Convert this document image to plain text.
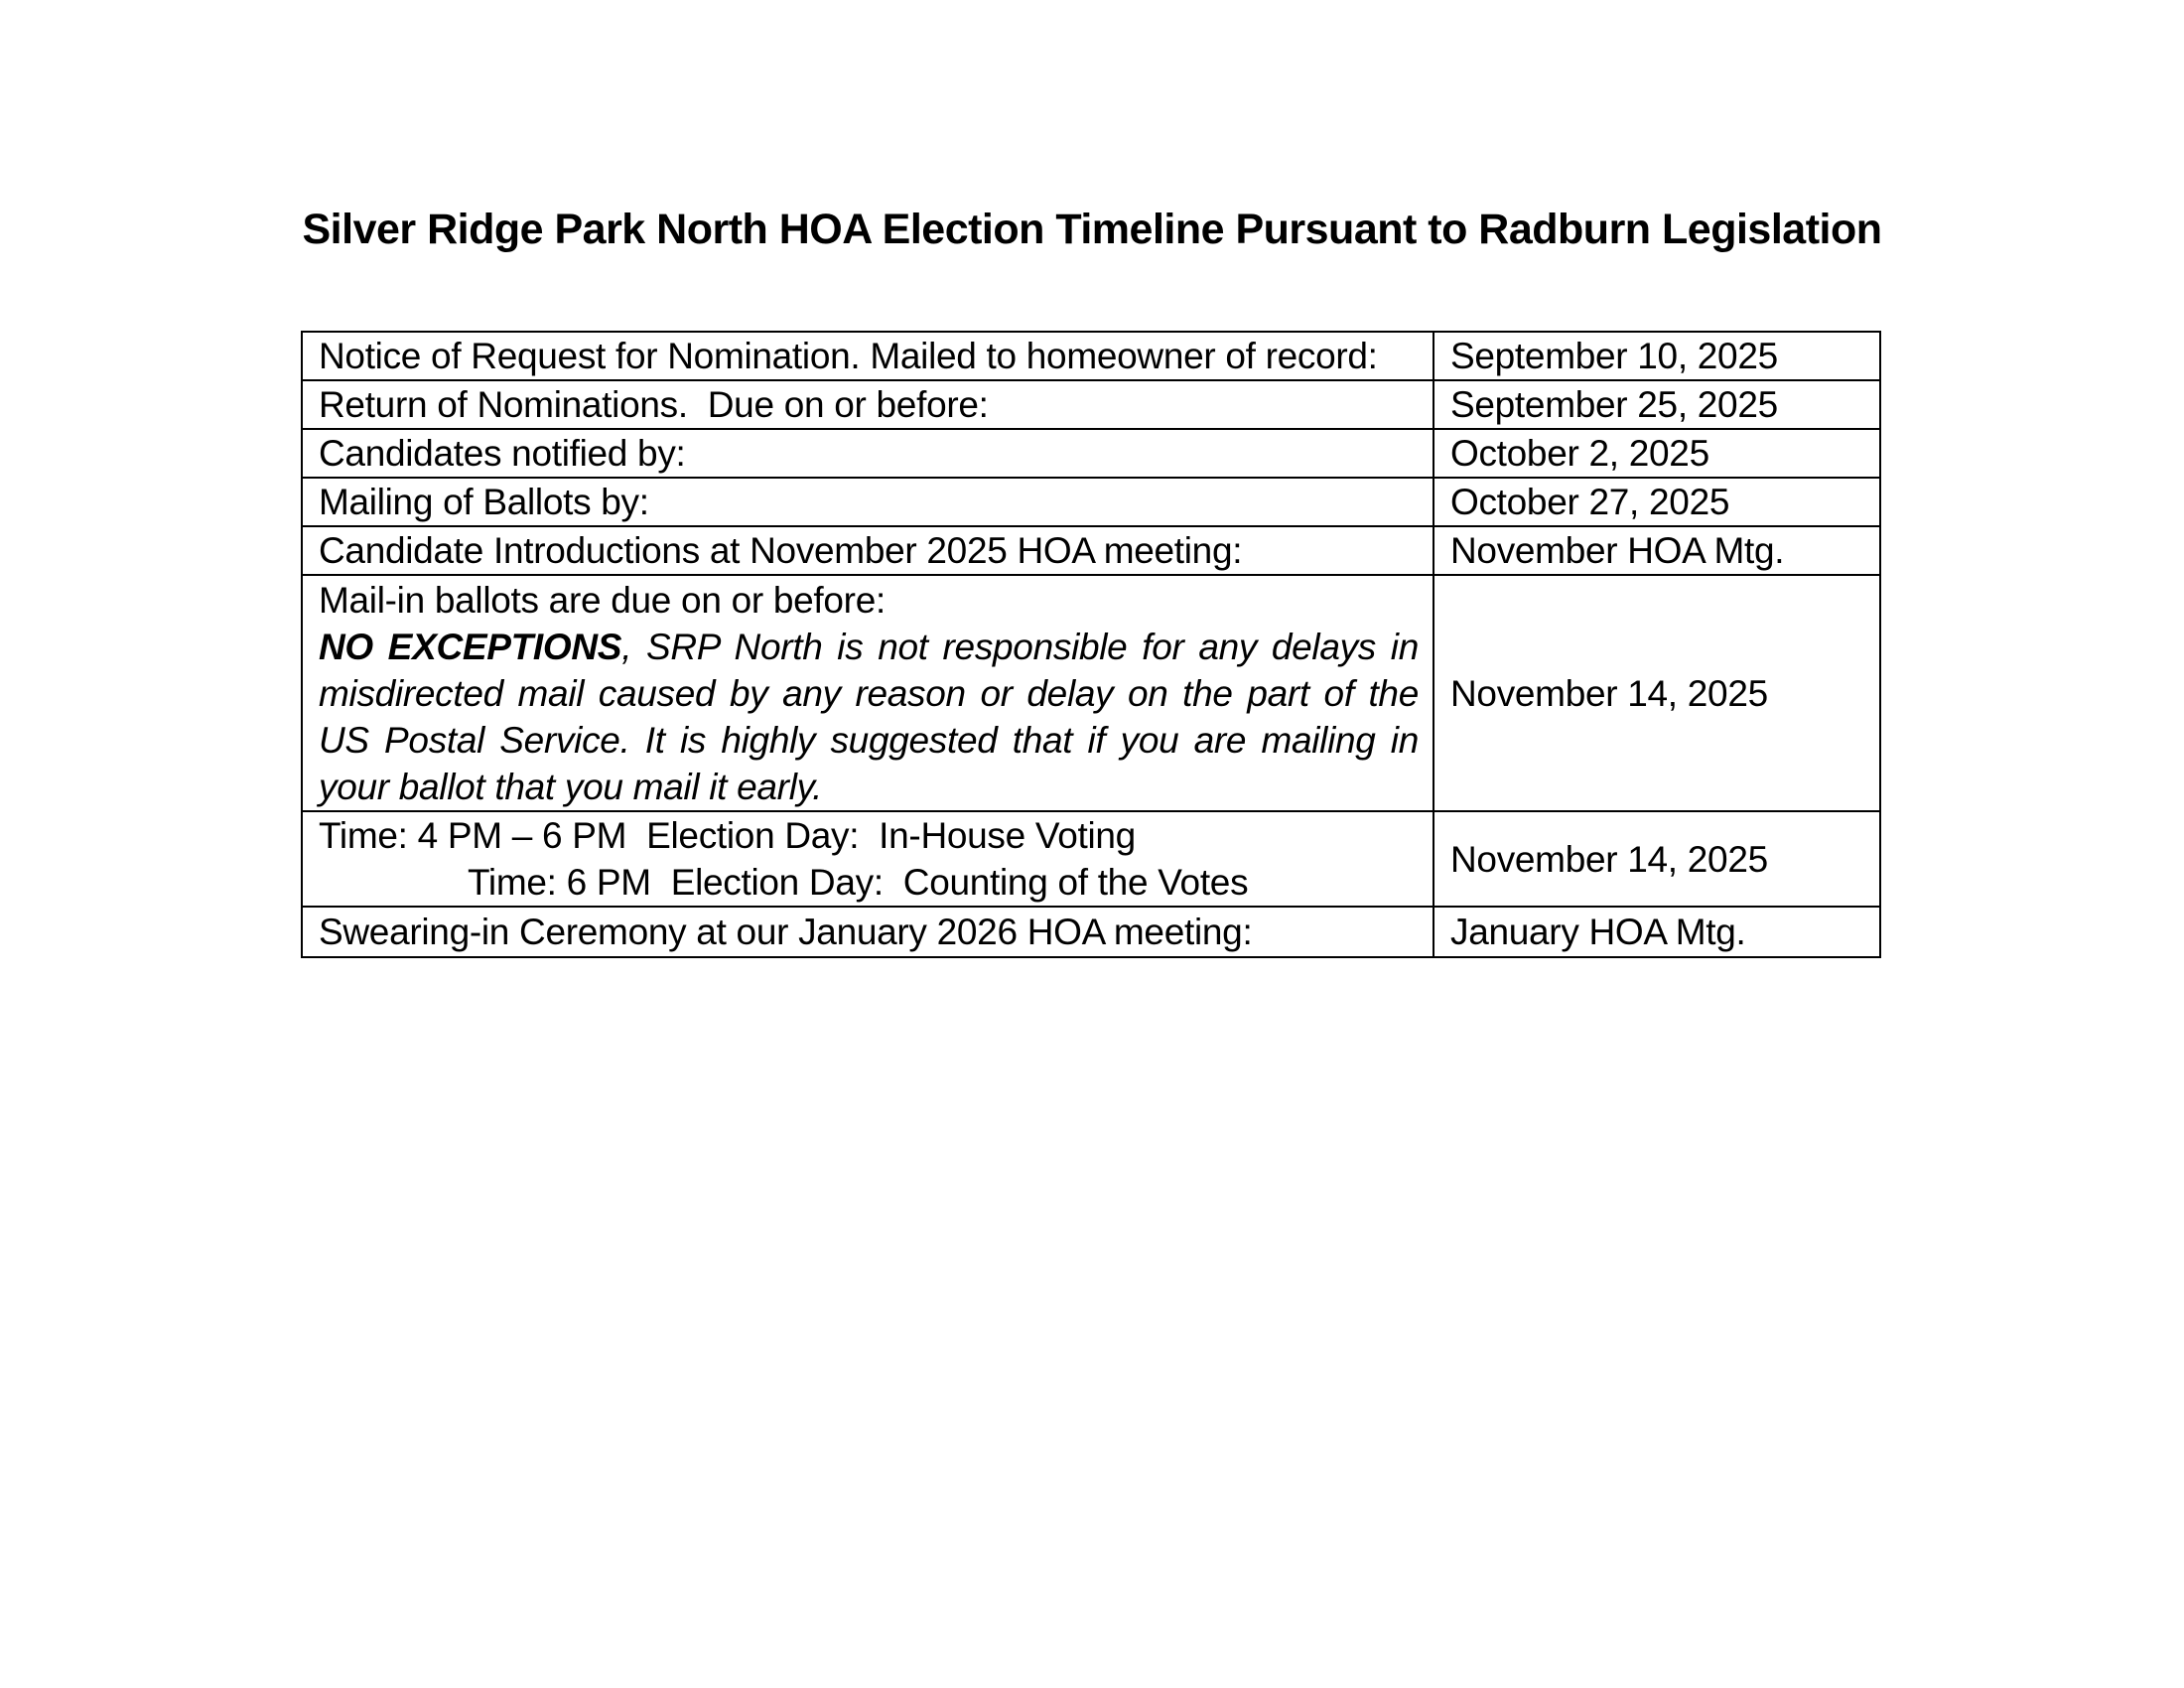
Silver Ridge Park North HOA Election Timeline Pursuant to Radburn Legislation
Notice of Request for Nomination. Mailed to homeowner of record:	September 10, 2025
Return of Nominations.  Due on or before:	September 25, 2025
Candidates notified by:	October 2, 2025
Mailing of Ballots by:	October 27, 2025
Candidate Introductions at November 2025 HOA meeting:	November HOA Mtg.

Mail-in ballots are due on or before:
NO EXCEPTIONS, SRP North is not responsible for any delays in misdirected mail caused by any reason or delay on the part of the US Postal Service. It is highly suggested that if you are mailing in your ballot that you mail it early.	November 14, 2025

Time: 4 PM – 6 PM  Election Day:  In-House Voting
Time: 6 PM  Election Day:  Counting of the Votes	November 14, 2025
Swearing-in Ceremony at our January 2026 HOA meeting:	January HOA Mtg.
